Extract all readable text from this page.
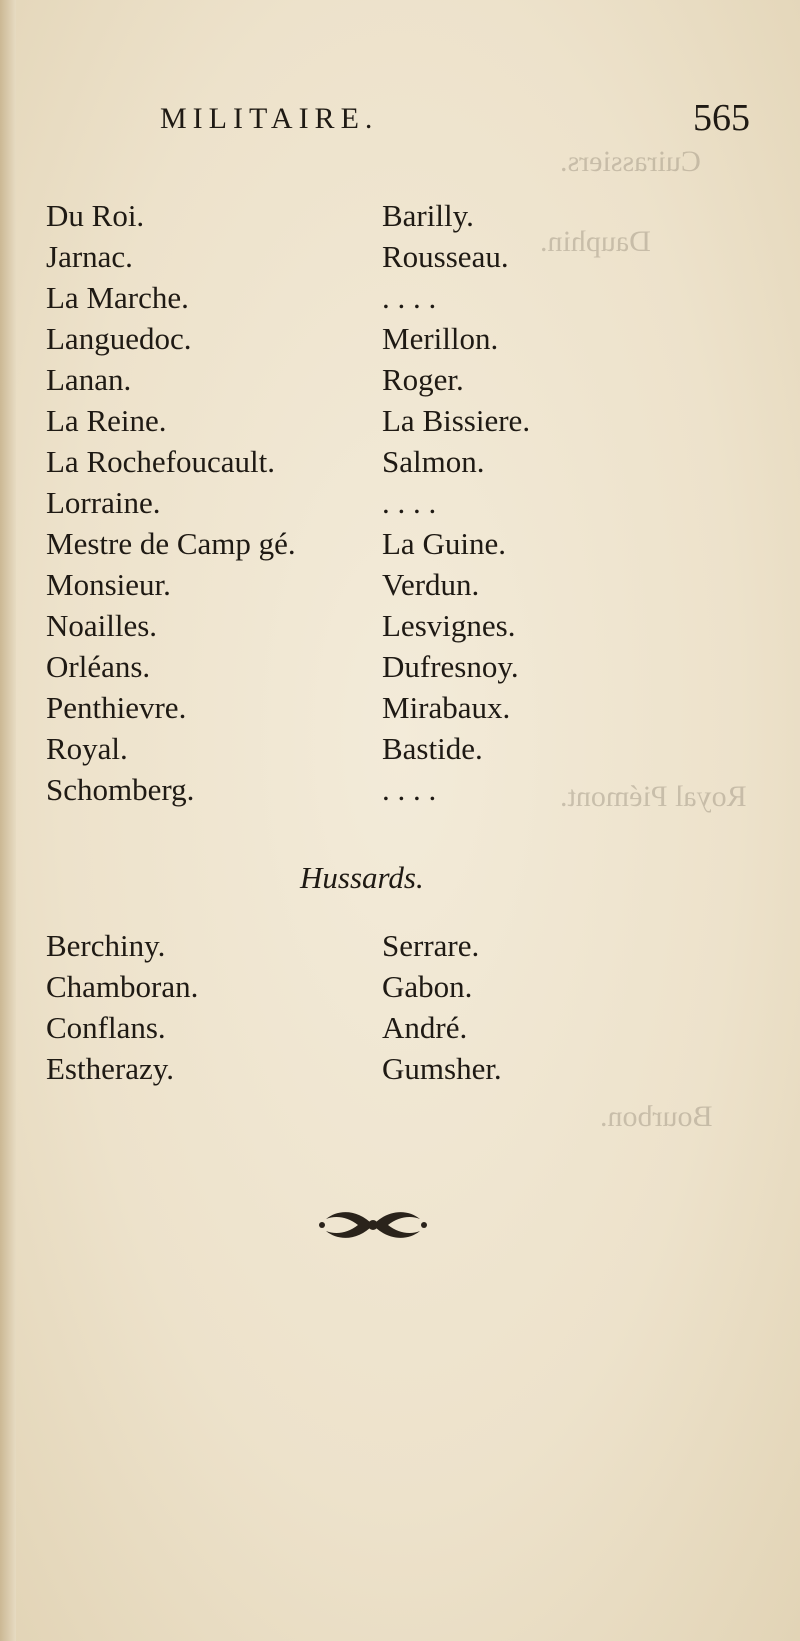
Cuirassiers.
Dauphin.
Royal Piémont.
Bourbon.
MILITAIRE.	565
Du Roi.	Barilly.
Jarnac.	Rousseau.
La Marche.	. . . .
Languedoc.	Merillon.
Lanan.	Roger.
La Reine.	La Bissiere.
La Rochefoucault.	Salmon.
Lorraine.	. . . .
Mestre de Camp gé.	La Guine.
Monsieur.	Verdun.
Noailles.	Lesvignes.
Orléans.	Dufresnoy.
Penthievre.	Mirabaux.
Royal.	Bastide.
Schomberg.	. . . .
Hussards.
Berchiny.	Serrare.
Chamboran.	Gabon.
Conflans.	André.
Estherazy.	Gumsher.
